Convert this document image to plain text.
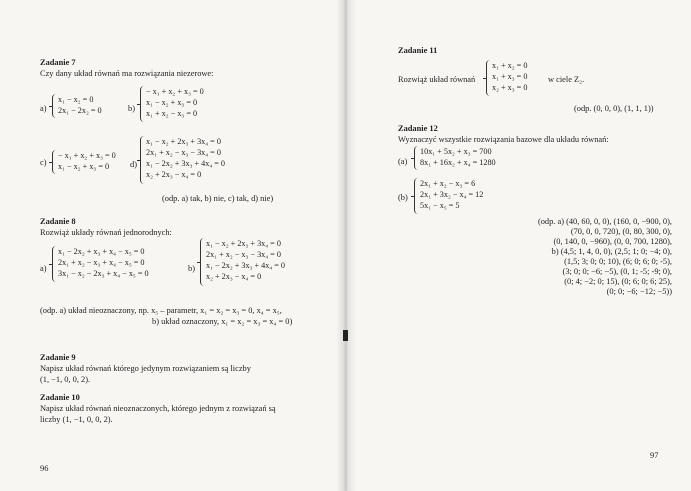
Zadanie 7
Czy dany układ równań ma rozwiązania niezerowe:
a)
x₁ − x₂ = 0
2x₁ − 2x₂ = 0	b)
− x₁ + x₂ + x₃ = 0
x₁ − x₂ + x₃ = 0
x₁ + x₂ − x₃ = 0
c)
− x₁ + x₂ + x₃ = 0
x₁ − x₂ + x₃ = 0	d)
x₁ − x₂ + 2x₃ + 3x₄ = 0
2x₁ + x₂ − x₃ − 3x₄ = 0
x₁ − 2x₂ + 3x₃ + 4x₄ = 0
x₂ + 2x₃ − x₄ = 0
(odp. a) tak, b) nie, c) tak, d) nie)
Zadanie 8
Rozwiąż układy równań jednorodnych:
a)
x₁ − 2x₂ + x₃ + x₄ − x₅ = 0
2x₁ + x₂ − x₃ + x₄ − x₅ = 0
3x₁ − x₂ − 2x₃ + x₄ − x₅ = 0
b)
x₁ − x₂ + 2x₃ + 3x₄ = 0
2x₁ + x₂ − x₃ − 3x₄ = 0
x₁ − 2x₂ + 3x₃ + 4x₄ = 0
x₂ + 2x₃ − x₄ = 0
(odp. a) układ nieoznaczony, np. x₅ – parametr, x₁ = x₂ = x₃ = 0, x₄ = x₅,
b) układ oznaczony, x₁ = x₂ = x₃ = x₄ = 0)
Zadanie 9
Napisz układ równań którego jedynym rozwiązaniem są liczby
(1, −1, 0, 0, 2).
Zadanie 10
Napisz układ równań nieoznaczonych, którego jednym z rozwiązań są
liczby (1, −1, 0, 0, 2).
96
Zadanie 11
Rozwiąż układ równań
x₁ + x₂ = 0
x₁ + x₃ = 0
x₂ + x₃ = 0
w ciele Z₂.
(odp. (0, 0, 0), (1, 1, 1))
Zadanie 12
Wyznaczyć wszystkie rozwiązania bazowe dla układu równań:
(a)
10x₁ + 5x₂ + x₃ = 700
8x₁ + 16x₂ + x₄ = 1280
(b)
2x₁ + x₂ − x₃ = 6
2x₁ + 3x₂ − x₄ = 12
5x₁ − x₅ = 5
(odp. a) (40, 60, 0, 0), (160, 0, −900, 0),
(70, 0, 0, 720), (0, 80, 300, 0),
(0, 140, 0, −960), (0, 0, 700, 1280),
b) (4,5; 1, 4, 0, 0), (2,5; 1; 0; −4; 0),
(1,5; 3; 0; 0; 10), (6; 0; 6; 0; -5),
(3; 0; 0; −6; −5), (0, 1; -5; -9; 0),
(0; 4; −2; 0; 15), (0; 6; 0; 6; 25),
(0; 0; −6; −12; −5))
97
